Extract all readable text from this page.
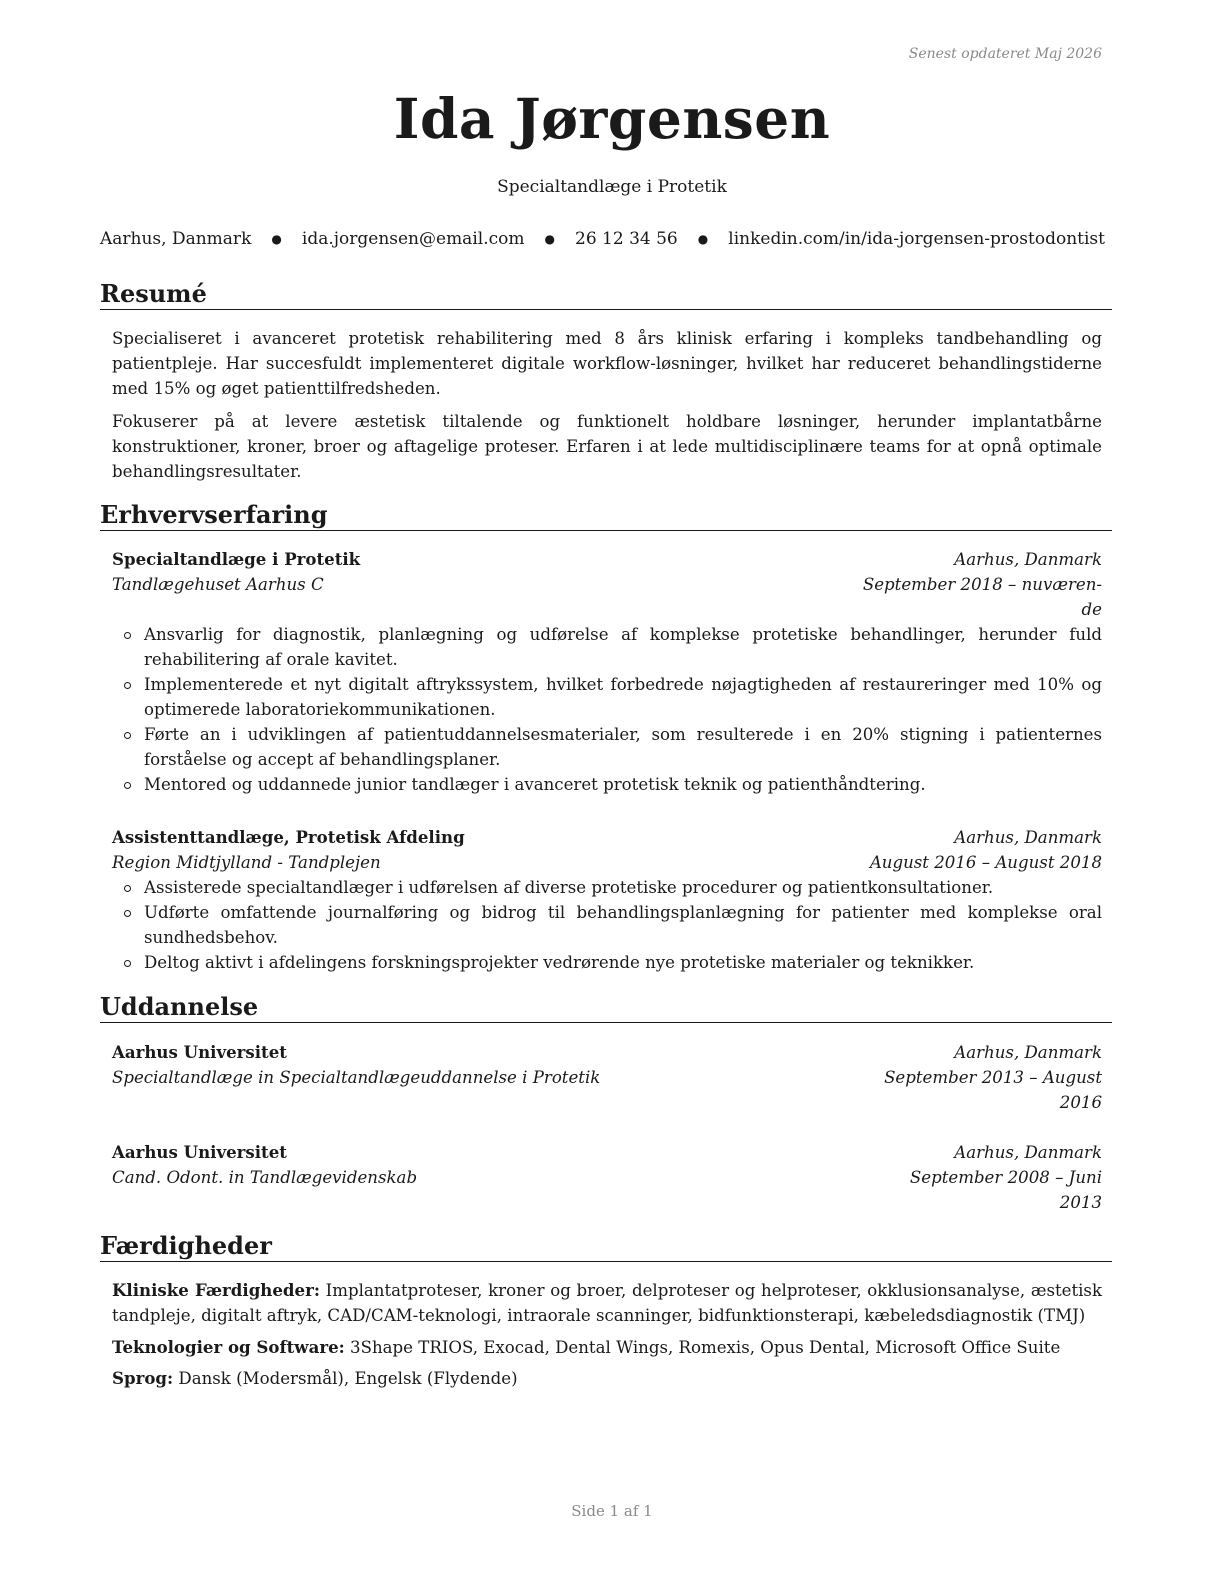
Senest opdateret Maj 2026
Ida Jørgensen
Specialtandlæge i Protetik
Aarhus, Danmark ● ida.jorgensen@email.com ● 26 12 34 56 ● linkedin.com/in/ida-jorgensen-prostodontist
Resumé

Specialiseret i avanceret protetisk rehabilitering med 8 års klinisk erfaring i kompleks tandbehandling og patientpleje. Har succesfuldt implementeret digitale workflow-løsninger, hvilket har reduceret behandlingstiderne med 15% og øget patienttilfredsheden.

Fokuserer på at levere æstetisk tiltalende og funktionelt holdbare løsninger, herunder implantatbårne konstruktioner, kroner, broer og aftagelige proteser. Erfaren i at lede multidisciplinære teams for at opnå optimale behandlingsresultater.

Erhvervserfaring
Specialtandlæge i Protetik	Aarhus, Danmark
Tandlægehuset Aarhus C	September 2018 – nuværen-
de
Ansvarlig for diagnostik, planlægning og udførelse af komplekse protetiske behandlinger, herunder fuld rehabilitering af orale kavitet.
Implementerede et nyt digitalt aftrykssystem, hvilket forbedrede nøjagtigheden af restaureringer med 10% og optimerede laboratoriekommunikationen.
Førte an i udviklingen af patientuddannelsesmaterialer, som resulterede i en 20% stigning i patienternes forståelse og accept af behandlingsplaner.
Mentored og uddannede junior tandlæger i avanceret protetisk teknik og patienthåndtering.
Assistenttandlæge, Protetisk Afdeling	Aarhus, Danmark
Region Midtjylland - Tandplejen	August 2016 – August 2018
Assisterede specialtandlæger i udførelsen af diverse protetiske procedurer og patientkonsultationer.
Udførte omfattende journalføring og bidrog til behandlingsplanlægning for patienter med komplekse oral sundhedsbehov.
Deltog aktivt i afdelingens forskningsprojekter vedrørende nye protetiske materialer og teknikker.
Uddannelse
Aarhus Universitet	Aarhus, Danmark
Specialtandlæge in Specialtandlægeuddannelse i Protetik	September 2013 – August
2016
Aarhus Universitet	Aarhus, Danmark
Cand. Odont. in Tandlægevidenskab	September 2008 – Juni
2013
Færdigheder

Kliniske Færdigheder: Implantatproteser, kroner og broer, delproteser og helproteser, okklusionsanalyse, æstetisk tandpleje, digitalt aftryk, CAD/CAM-teknologi, intraorale scanninger, bidfunktionsterapi, kæbeledsdiagnostik (TMJ)

Teknologier og Software: 3Shape TRIOS, Exocad, Dental Wings, Romexis, Opus Dental, Microsoft Office Suite

Sprog: Dansk (Modersmål), Engelsk (Flydende)

Side 1 af 1
